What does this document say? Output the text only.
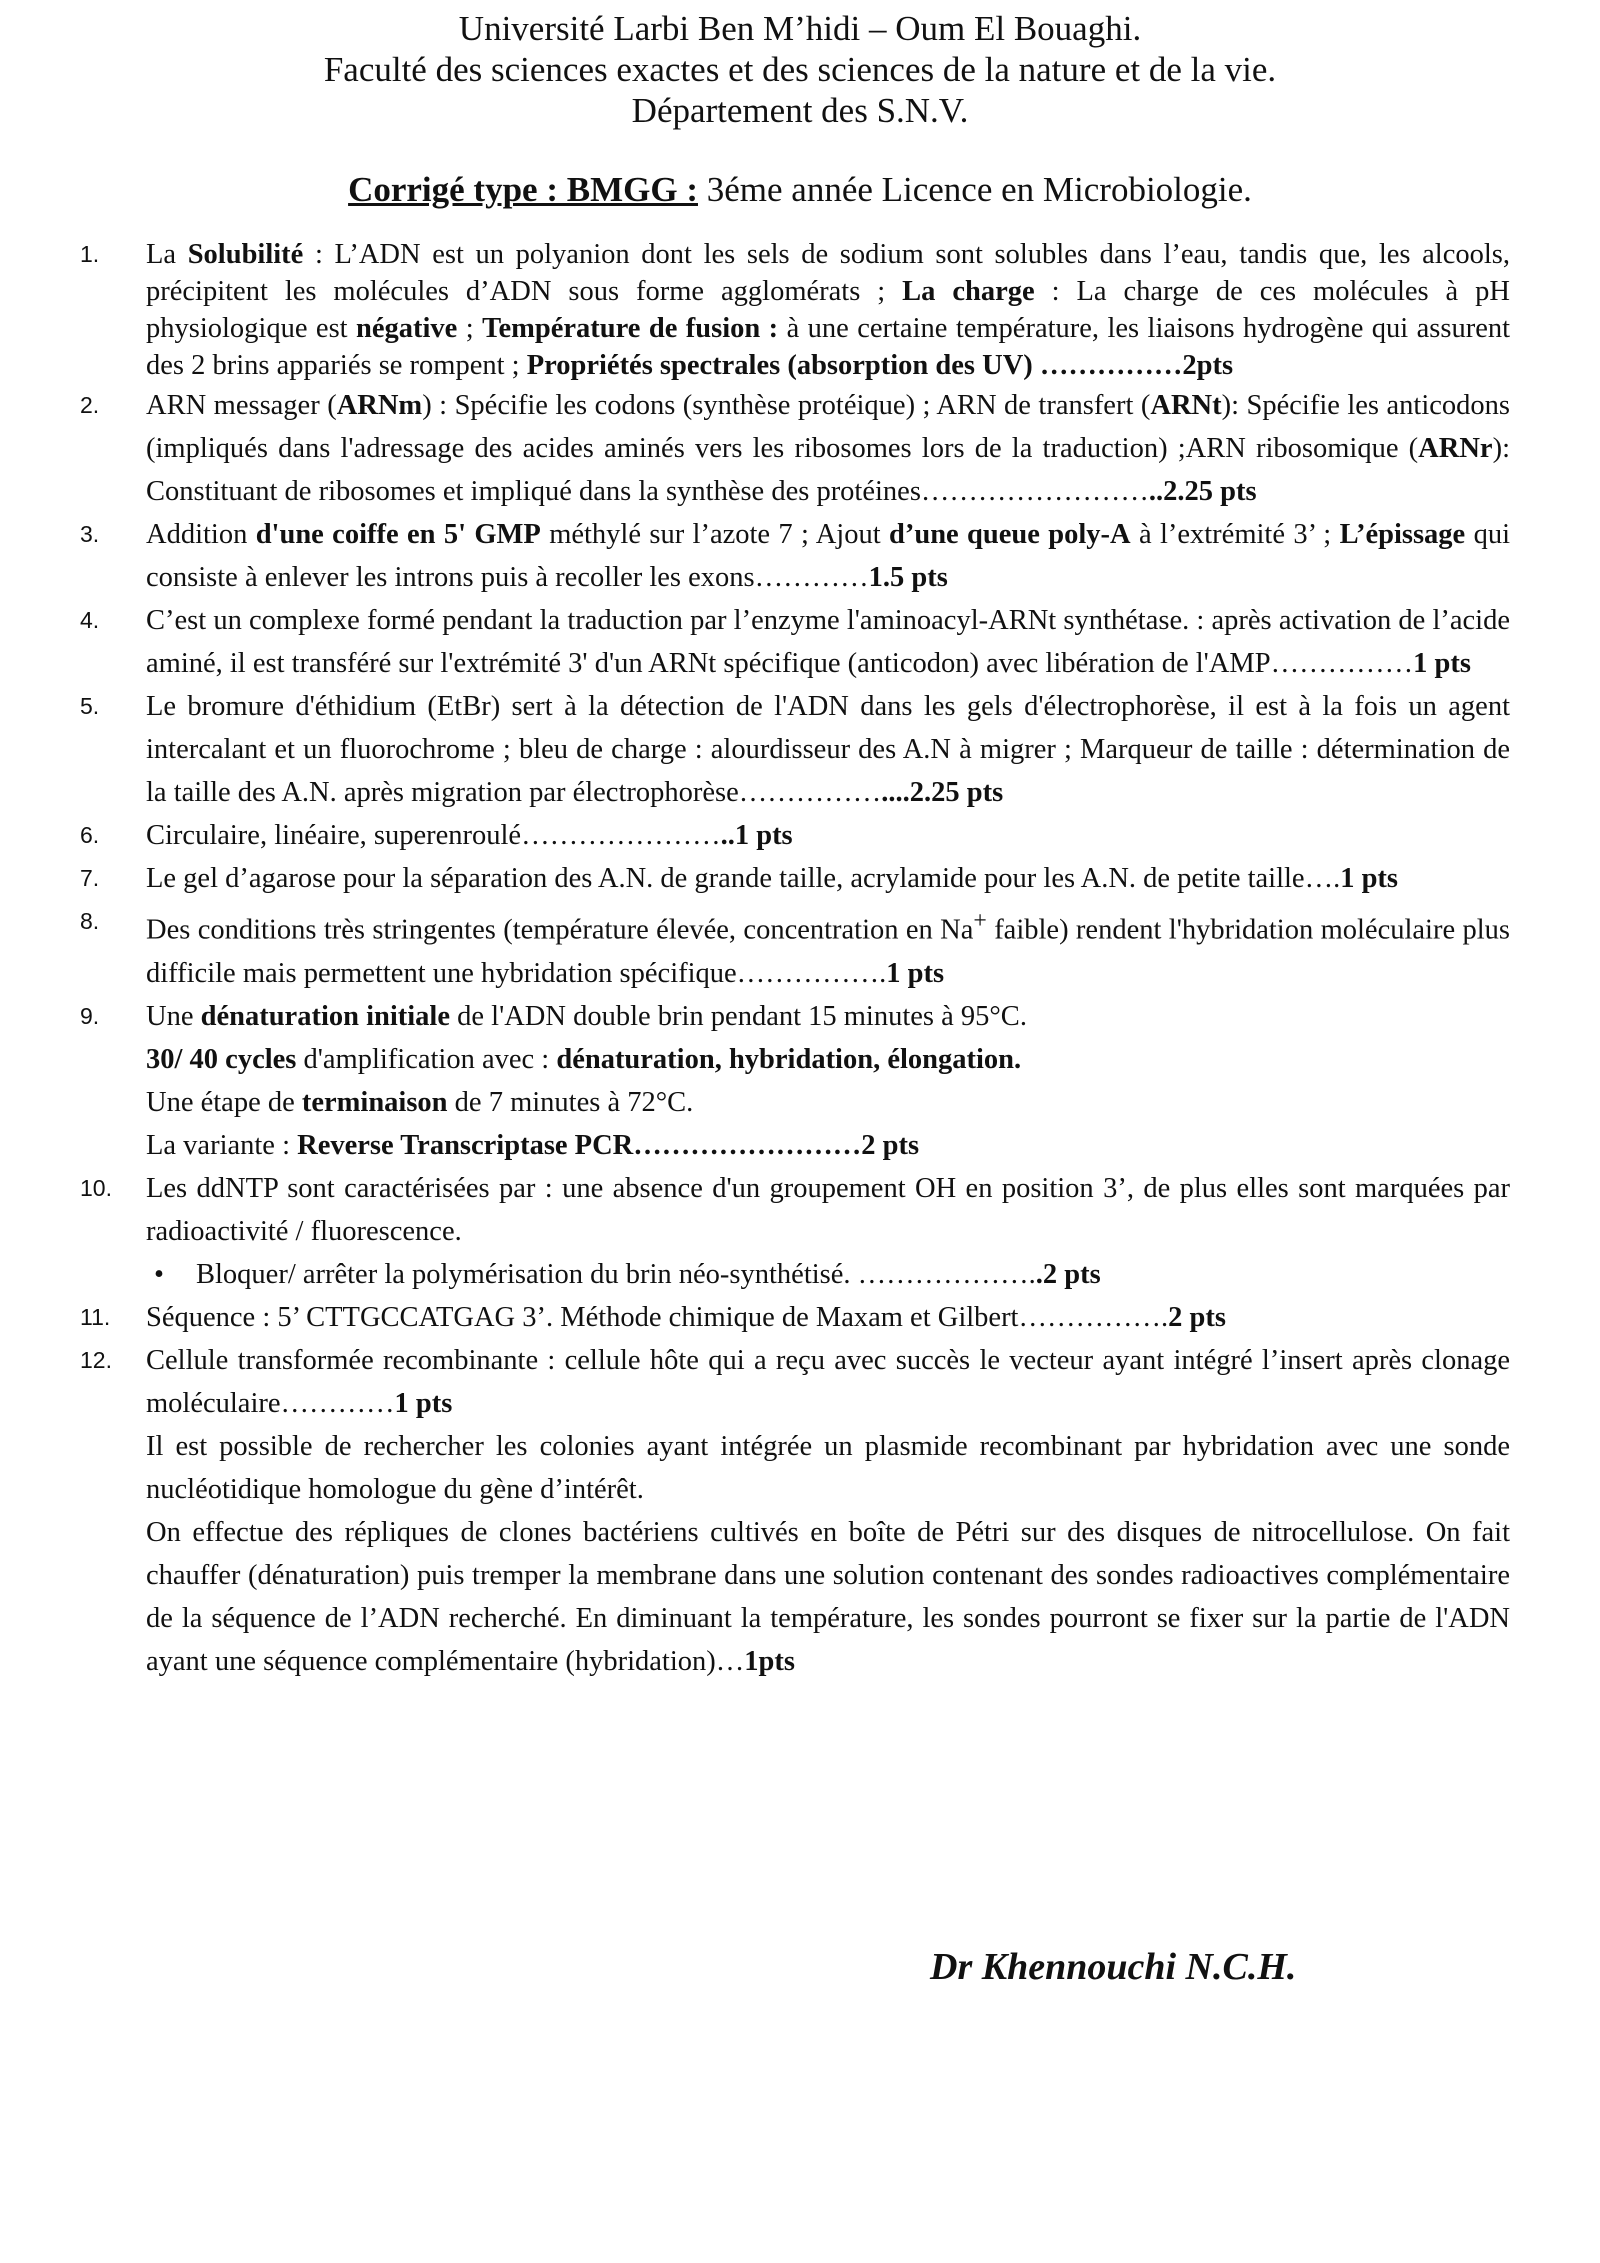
Université Larbi Ben M’hidi – Oum El Bouaghi.
Faculté des sciences exactes et des sciences de la nature et de la vie.
Département des S.N.V.
Corrigé type : BMGG : 3éme année Licence en Microbiologie.
1.	La Solubilité : L’ADN est un polyanion dont les sels de sodium sont solubles dans l’eau, tandis que, les alcools, précipitent les molécules d’ADN sous forme agglomérats ; La charge : La charge de ces molécules à pH physiologique est négative ; Température de fusion : à une certaine température, les liaisons hydrogène qui assurent des 2 brins appariés se rompent ; Propriétés spectrales (absorption des UV) ……………2pts
2.	ARN messager (ARNm) : Spécifie les codons (synthèse protéique) ; ARN de transfert (ARNt): Spécifie les anticodons (impliqués dans l'adressage des acides aminés vers les ribosomes lors de la traduction) ;ARN ribosomique (ARNr): Constituant de ribosomes et impliqué dans la synthèse des protéines……………………..2.25 pts
3.	Addition d'une coiffe en 5' GMP méthylé sur l’azote 7 ; Ajout d’une queue poly-A à l’extrémité 3’ ; L’épissage qui consiste à enlever les introns puis à recoller les exons…………1.5 pts
4.	C’est un complexe formé pendant la traduction par l’enzyme l'aminoacyl-ARNt synthétase. : après activation de l’acide aminé, il est transféré sur l'extrémité 3' d'un ARNt spécifique (anticodon) avec libération de l'AMP……………1 pts
5.	Le bromure d'éthidium (EtBr) sert à la détection de l'ADN dans les gels d'électrophorèse, il est à la fois un agent intercalant et un fluorochrome ; bleu de charge : alourdisseur des A.N à migrer ; Marqueur de taille : détermination de la taille des A.N. après migration par électrophorèse……………....2.25 pts
6.	Circulaire, linéaire, superenroulé…………………..1 pts
7.	Le gel d’agarose pour la séparation des A.N. de grande taille, acrylamide pour les A.N. de petite taille….1 pts
8.	Des conditions très stringentes (température élevée, concentration en Na+ faible) rendent l'hybridation moléculaire plus difficile mais permettent une hybridation spécifique…………….1 pts
9.	Une dénaturation initiale de l'ADN double brin pendant 15 minutes à 95°C.
30/ 40 cycles d'amplification avec : dénaturation, hybridation, élongation.
Une étape de terminaison de 7 minutes à 72°C.
La variante : Reverse Transcriptase PCR……………………2 pts
10.	Les ddNTP sont caractérisées par : une absence d'un groupement OH en position 3’, de plus elles sont marquées par radioactivité / fluorescence.
• Bloquer/ arrêter la polymérisation du brin néo-synthétisé. ………………..2 pts
11.	Séquence : 5’ CTTGCCATGAG 3’. Méthode chimique de Maxam et Gilbert…………….2 pts
12.	Cellule transformée recombinante : cellule hôte qui a reçu avec succès le vecteur ayant intégré l’insert après clonage moléculaire…………1 pts
Il est possible de rechercher les colonies ayant intégrée un plasmide recombinant par hybridation avec une sonde nucléotidique homologue du gène d’intérêt.
On effectue des répliques de clones bactériens cultivés en boîte de Pétri sur des disques de nitrocellulose. On fait chauffer (dénaturation) puis tremper la membrane dans une solution contenant des sondes radioactives complémentaire de la séquence de l’ADN recherché. En diminuant la température, les sondes pourront se fixer sur la partie de l'ADN ayant une séquence complémentaire (hybridation)…1pts
Dr Khennouchi N.C.H.
